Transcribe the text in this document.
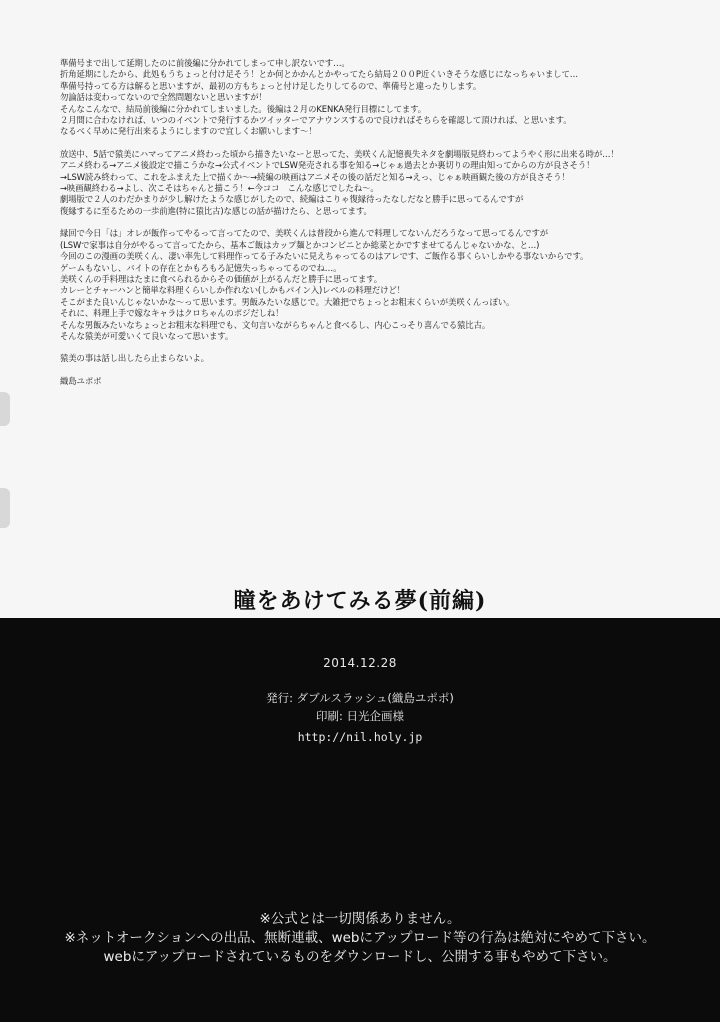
準備号まで出して延期したのに前後編に分かれてしまって申し訳ないです…。
折角延期にしたから、此処もうちょっと付け足そう！とか何とかかんとかやってたら結局２００P近くいきそうな感じになっちゃいまして…
準備号持ってる方は解ると思いますが、最初の方もちょっと付け足したりしてるので、準備号と違ったりします。
勿論話は変わってないので全然問題ないと思いますが！
そんなこんなで、結局前後編に分かれてしまいました。後編は２月のKENKA発行目標にしてます。
２月間に合わなければ、いつのイベントで発行するかツイッターでアナウンスするので良ければそちらを確認して頂ければ、と思います。
なるべく早めに発行出来るようにしますので宜しくお願いします～！
放送中、5話で猿美にハマってアニメ終わった頃から描きたいなーと思ってた、美咲くん記憶喪失ネタを劇場版見終わってようやく形に出来る時が…！
アニメ終わる→アニメ後設定で描こうかな→公式イベントでLSW発売される事を知る→じゃぁ過去とか裏切りの理由知ってからの方が良さそう！
→LSW読み終わって、これをふまえた上で描くか～→続編の映画はアニメその後の話だと知る→えっ、じゃぁ映画観た後の方が良さそう！
→映画観終わる→よし、次こそはちゃんと描こう！←今ココ　こんな感じでしたね～。
劇場版で２人のわだかまりが少し解けたような感じがしたので、続編はこりゃ復縁待ったなしだなと勝手に思ってるんですが
復縁するに至るための一歩前進(特に猿比古)な感じの話が描けたら、と思ってます。
縁回で今日「は」オレが飯作ってやるって言ってたので、美咲くんは普段から進んで料理してないんだろうなって思ってるんですが
(LSWで家事は自分がやるって言ってたから、基本ご飯はカップ麺とかコンビニとか総菜とかですませてるんじゃないかな、と…)
今回のこの漫画の美咲くん、凄い率先して料理作ってる子みたいに見えちゃってるのはアレです、ご飯作る事くらいしかやる事ないからです。
ゲームもないし、バイトの存在とかもろもろ記憶失っちゃってるのでね…。
美咲くんの手料理はたまに食べられるからその価値が上がるんだと勝手に思ってます。
カレーとチャーハンと簡単な料理くらいしか作れない(しかもパイン入)レベルの料理だけど！
そこがまた良いんじゃないかな～って思います。男飯みたいな感じで。大雑把でちょっとお粗末くらいが美咲くんっぽい。
それに、料理上手で嫁なキャラはクロちゃんのポジだしね！
そんな男飯みたいなちょっとお粗末な料理でも、文句言いながらちゃんと食べるし、内心こっそり喜んでる猿比古。
そんな猿美が可愛いくて良いなって思います。
猿美の事は話し出したら止まらないよ。
織島ユポポ
瞳をあけてみる夢(前編)
2014.12.28
発行: ダブルスラッシュ(織島ユポポ)
印刷: 日光企画様
http://nil.holy.jp
※公式とは一切関係ありません。
※ネットオークションへの出品、無断連載、webにアップロード等の行為は絶対にやめて下さい。
webにアップロードされているものをダウンロードし、公開する事もやめて下さい。
